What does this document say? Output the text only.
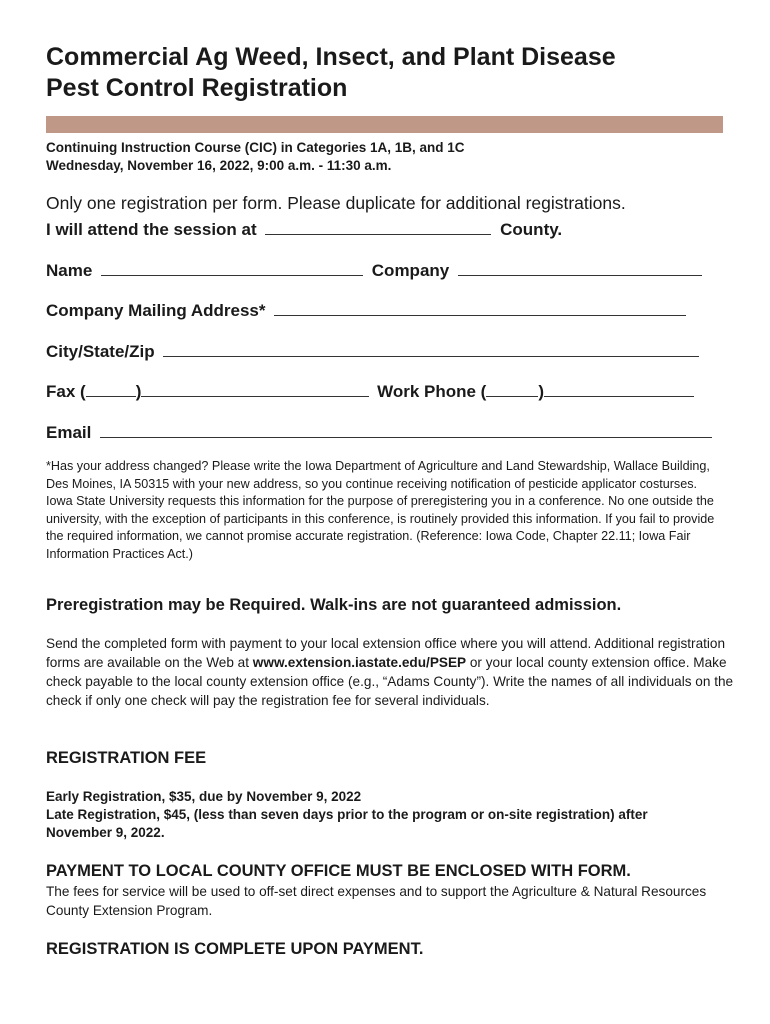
Commercial Ag Weed, Insect, and Plant Disease
Pest Control Registration
Continuing Instruction Course (CIC) in Categories 1A, 1B, and 1C
Wednesday, November 16, 2022, 9:00 a.m. - 11:30 a.m.
Only one registration per form. Please duplicate for additional registrations.
I will attend the session at	County.
Name	Company
Company Mailing Address*
City/State/Zip
Fax (	)	Work Phone (	)
Email
*Has your address changed? Please write the Iowa Department of Agriculture and Land Stewardship, Wallace Building, Des Moines, IA 50315 with your new address, so you continue receiving notification of pesticide applicator costurses. Iowa State University requests this information for the purpose of preregistering you in a conference. No one outside the university, with the exception of participants in this conference, is routinely provided this information. If you fail to provide the required information, we cannot promise accurate registration. (Reference: Iowa Code, Chapter 22.11; Iowa Fair Information Practices Act.)
Preregistration may be Required. Walk-ins are not guaranteed admission.
Send the completed form with payment to your local extension office where you will attend. Additional registration forms are available on the Web at www.extension.iastate.edu/PSEP or your local county extension office. Make check payable to the local county extension office (e.g., “Adams County”). Write the names of all individuals on the check if only one check will pay the registration fee for several individuals.
REGISTRATION FEE
Early Registration, $35, due by November 9, 2022
Late Registration, $45, (less than seven days prior to the program or on-site registration) after November 9, 2022.
PAYMENT TO LOCAL COUNTY OFFICE MUST BE ENCLOSED WITH FORM.
The fees for service will be used to off-set direct expenses and to support the Agriculture & Natural Resources County Extension Program.
REGISTRATION IS COMPLETE UPON PAYMENT.
